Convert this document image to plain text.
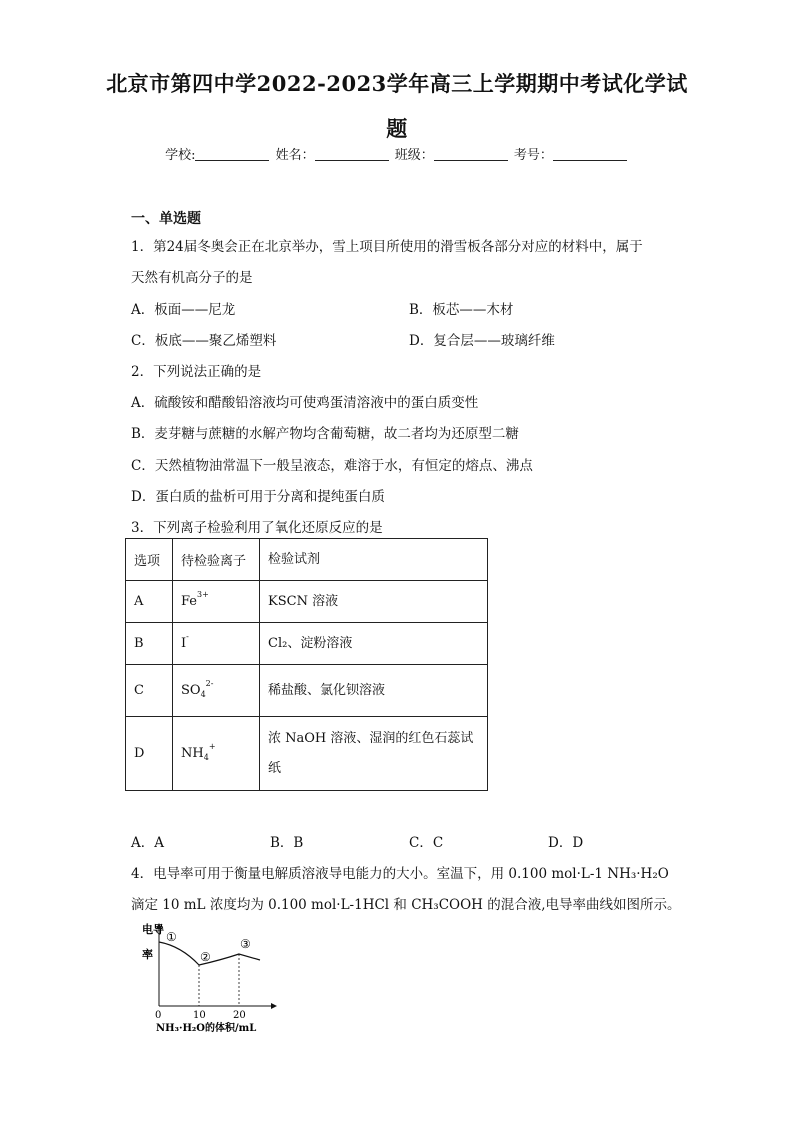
北京市第四中学2022-2023学年高三上学期期中考试化学试
题
学校:	姓名：	班级：	考号：
一、单选题
1．第24届冬奥会正在北京举办，雪上项目所使用的滑雪板各部分对应的材料中，属于
天然有机高分子的是
A．板面——尼龙	B．板芯——木材
C．板底——聚乙烯塑料	D．复合层——玻璃纤维
2．下列说法正确的是
A．硫酸铵和醋酸铅溶液均可使鸡蛋清溶液中的蛋白质变性
B．麦芽糖与蔗糖的水解产物均含葡萄糖，故二者均为还原型二糖
C．天然植物油常温下一般呈液态，难溶于水，有恒定的熔点、沸点
D．蛋白质的盐析可用于分离和提纯蛋白质
3．下列离子检验利用了氧化还原反应的是
选项	待检验离子	检验试剂
A	$Fe^{3+}$	KSCN 溶液
B	I-	Cl₂、淀粉溶液
C	$SO_4^{2-}$	稀盐酸、氯化钡溶液
D	$NH_4^+$	浓 NaOH 溶液、湿润的红色石蕊试纸
A．A	B．B	C．C	D．D
4．电导率可用于衡量电解质溶液导电能力的大小。室温下，用 0.100 mol·L-1 NH₃·H₂O
滴定 10 mL 浓度均为 0.100 mol·L-1HCl 和 CH₃COOH 的混合液,电导率曲线如图所示。
电导
率
①
②
③
0	10	20
NH₃·H₂O的体积/mL
